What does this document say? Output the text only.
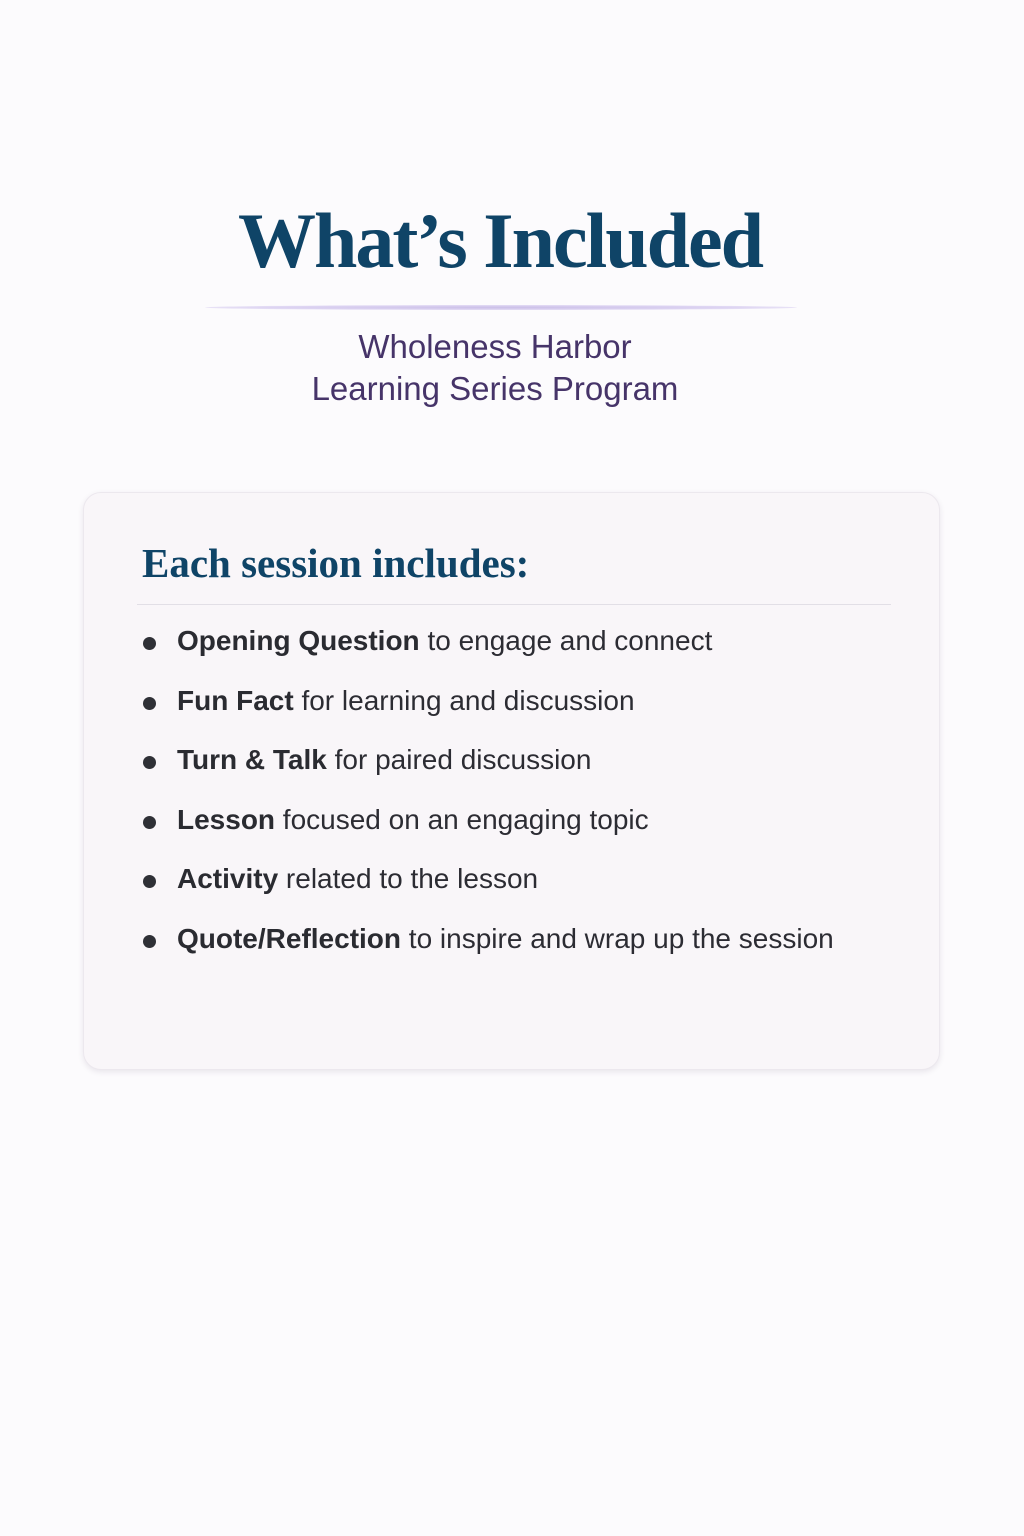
What’s Included
Wholeness Harbor
Learning Series Program
Each session includes:
Opening Question to engage and connect
Fun Fact for learning and discussion
Turn & Talk for paired discussion
Lesson focused on an engaging topic
Activity related to the lesson
Quote/Reflection to inspire and wrap up the session
